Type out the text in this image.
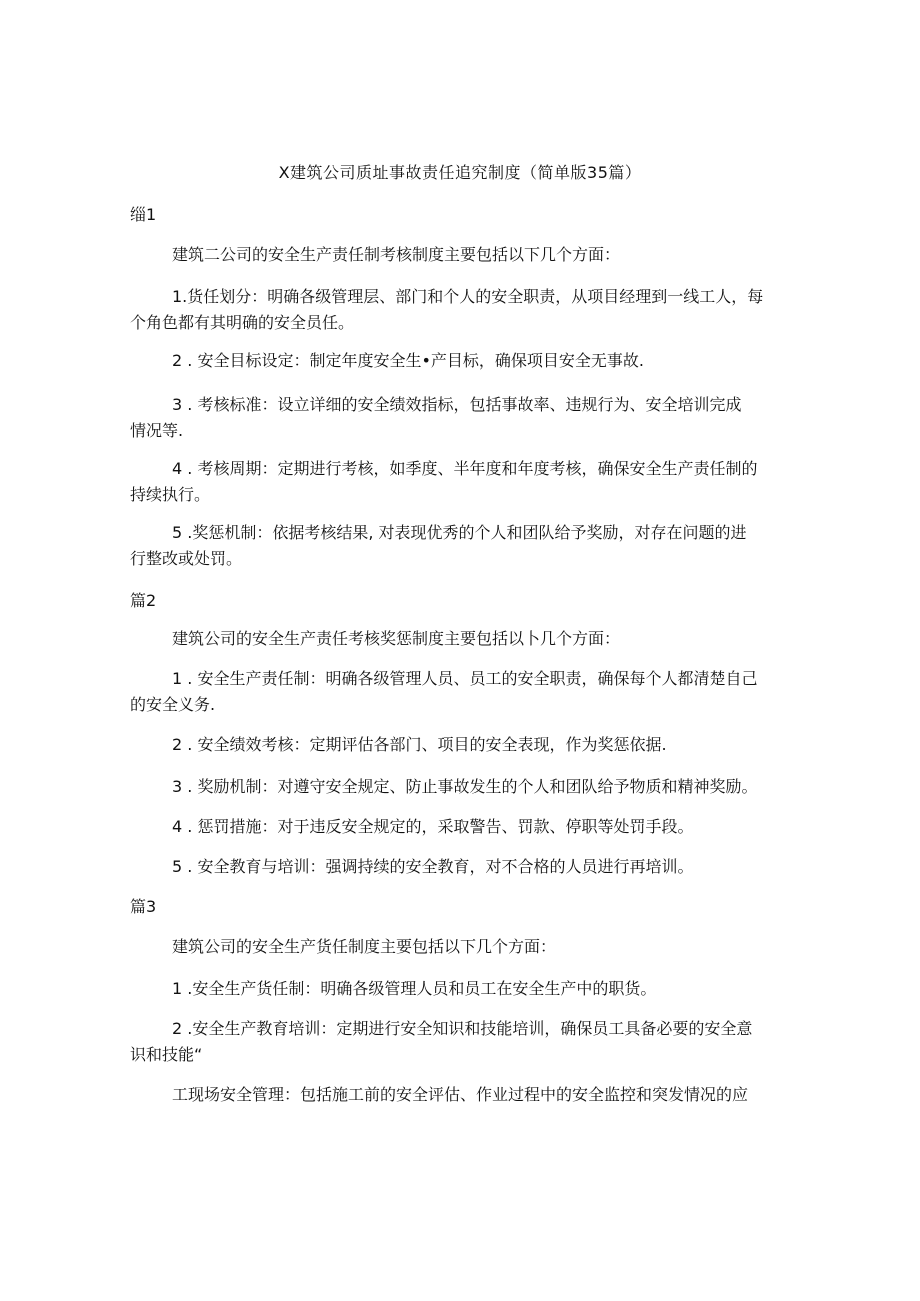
X建筑公司质址事故责任追究制度（简单版35篇）
缁1
建筑二公司的安全生产责任制考核制度主要包括以下几个方面：
1.货任划分：明确各级管理层、部门和个人的安全职责，从项目经理到一线工人，每
个角色都有其明确的安全员任。
2 . 安全目标设定：制定年度安全生•产目标，确保项目安全无事故.
3 . 考核标准：设立详细的安全绩效指标，包括事故率、违规行为、安全培训完成
情况等.
4 . 考核周期：定期进行考核，如季度、半年度和年度考核，确保安全生产责任制的
持续执行。
5 .奖惩机制：依据考核结果, 对表现优秀的个人和团队给予奖励，对存在问题的进
行整改或处罚。
篇2
建筑公司的安全生产责任考核奖惩制度主要包括以卜几个方面：
1 . 安全生产责任制：明确各级管理人员、员工的安全职责，确保每个人都清楚自己
的安全义务.
2 . 安全绩效考核：定期评估各部门、项目的安全表现，作为奖惩依据.
3 . 奖励机制：对遵守安全规定、防止事故发生的个人和团队给予物质和精神奖励。
4 . 惩罚措施：对于违反安全规定的，采取警告、罚款、停职等处罚手段。
5 . 安全教育与培训：强调持续的安全教育，对不合格的人员进行再培训。
篇3
建筑公司的安全生产货任制度主要包括以下几个方面：
1 .安全生产货任制：明确各级管理人员和员工在安全生产中的职货。
2 .安全生产教育培训：定期进行安全知识和技能培训，确保员工具备必要的安全意
识和技能“
工现场安全管理：包括施工前的安全评估、作业过程中的安全监控和突发情况的应
